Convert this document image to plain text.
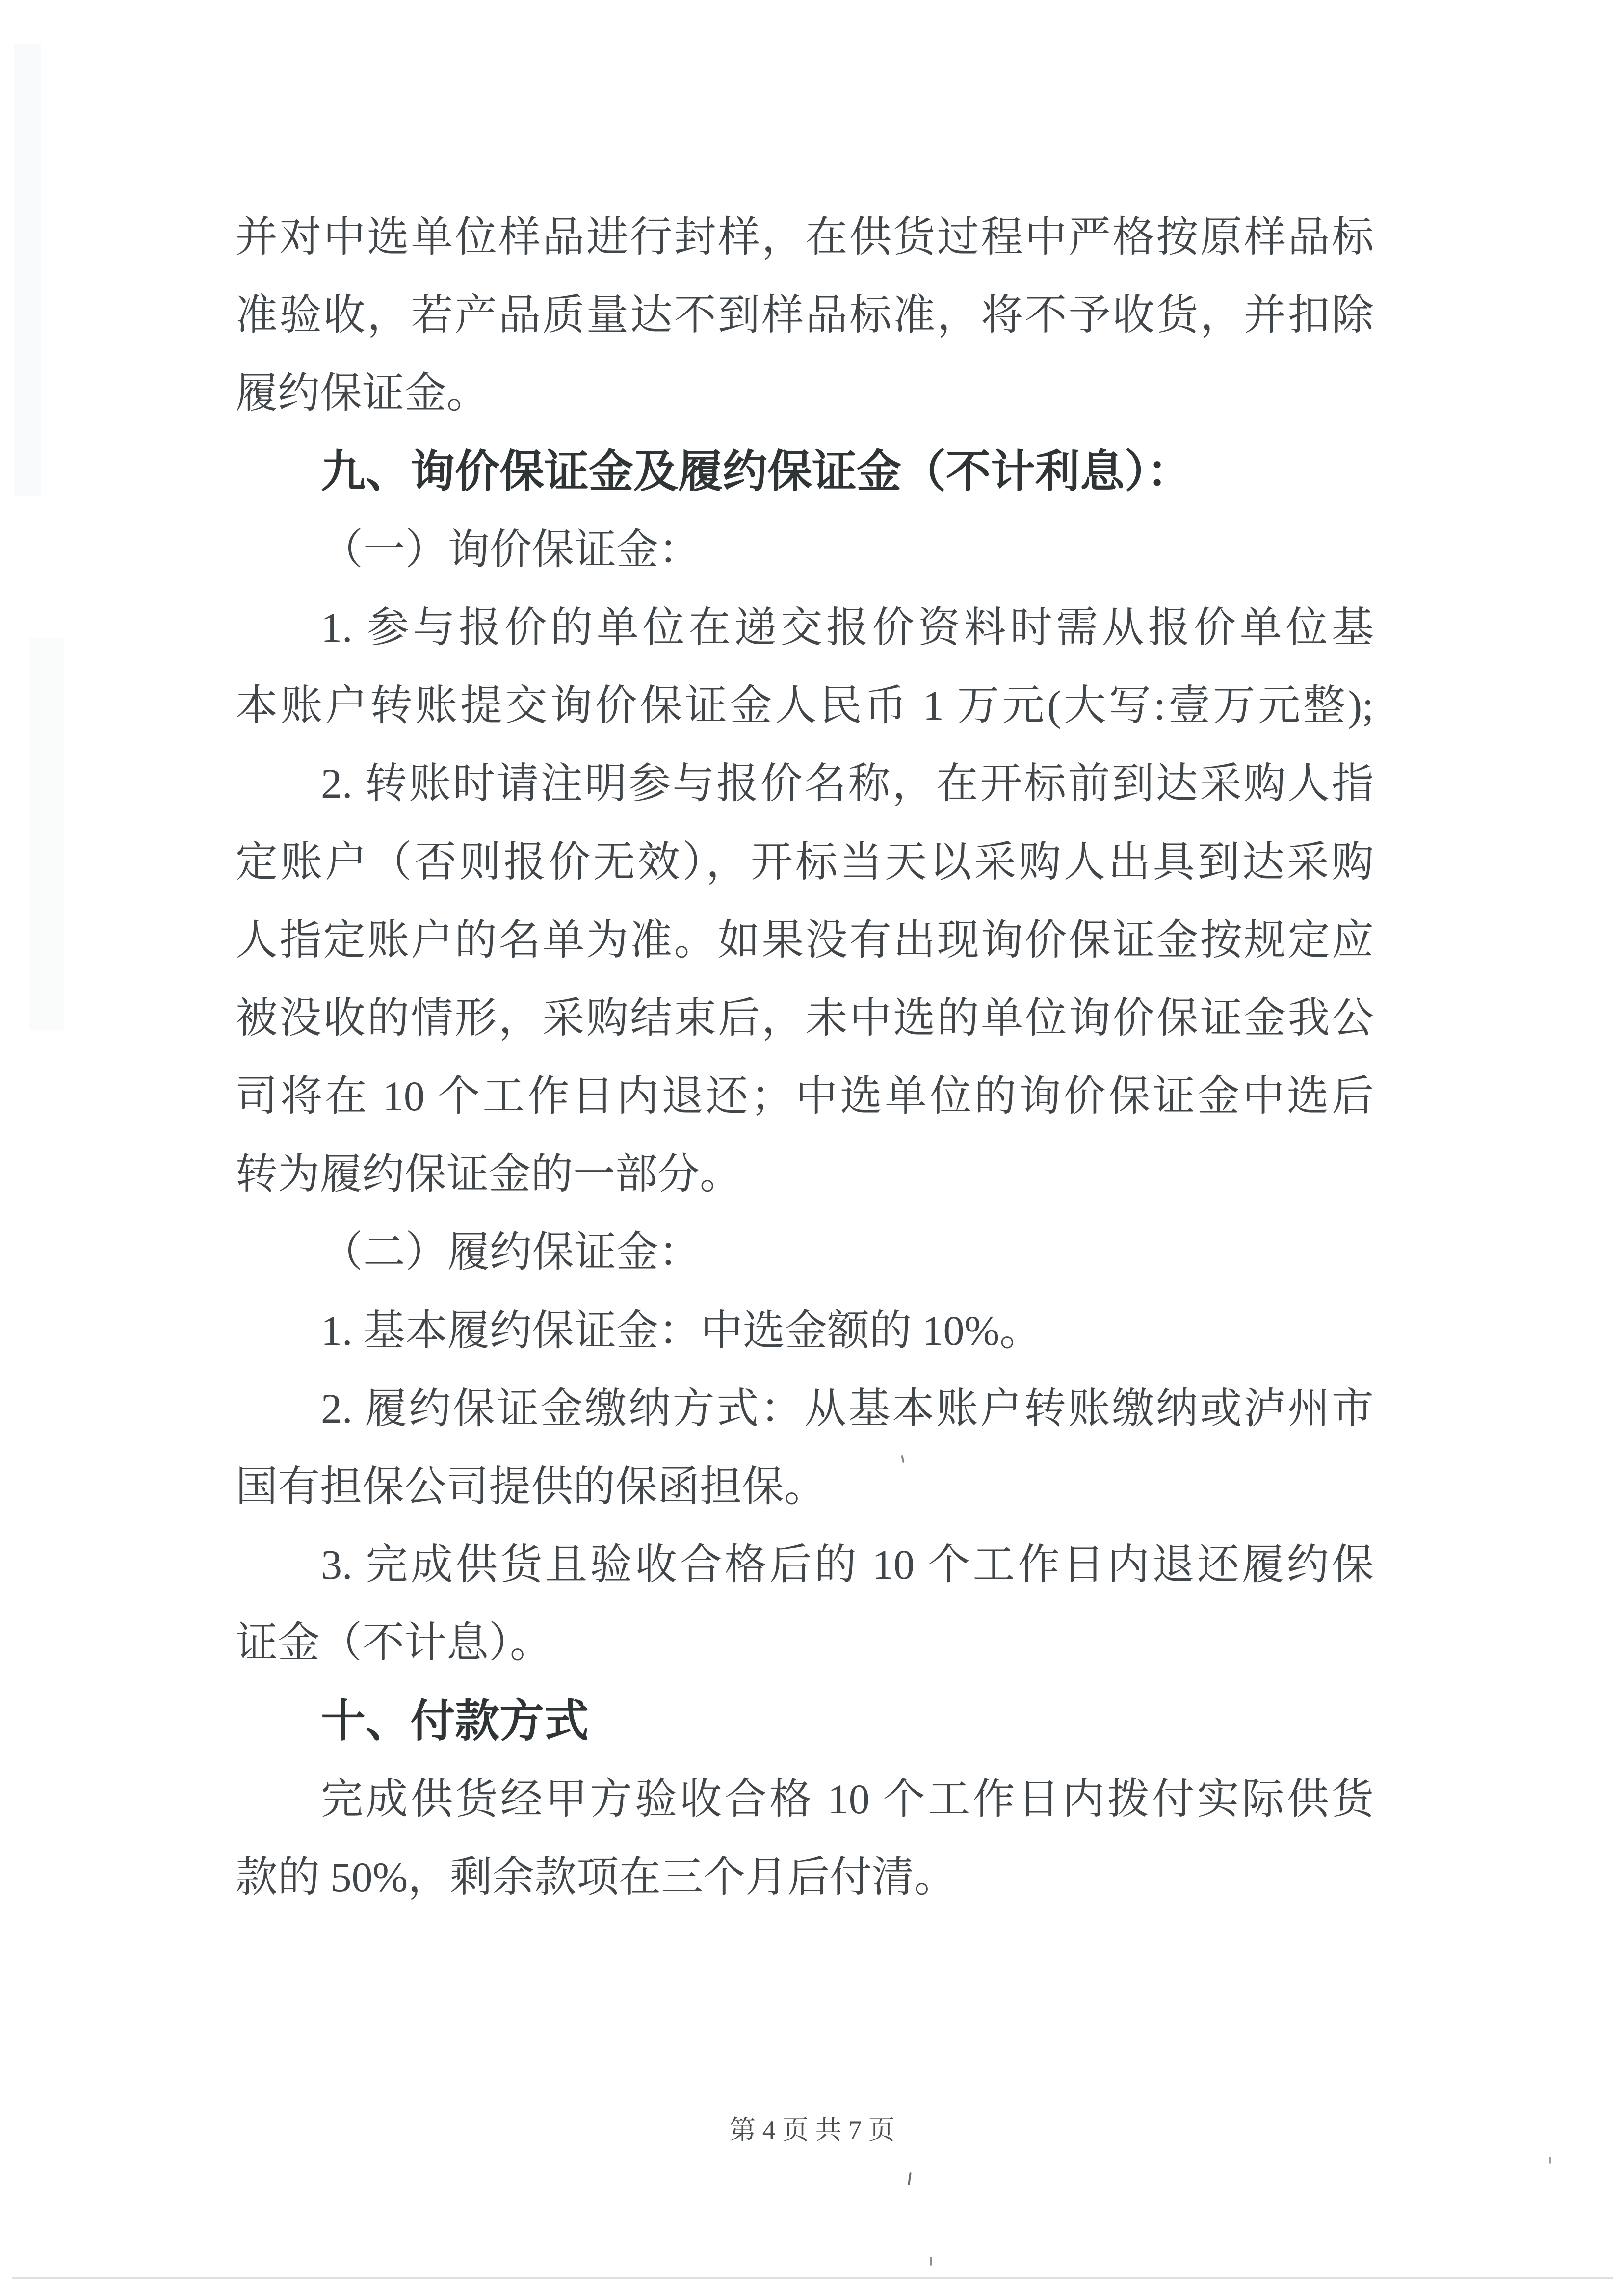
并对中选单位样品进行封样，在供货过程中严格按原样品标
准验收，若产品质量达不到样品标准，将不予收货，并扣除
履约保证金。
九、询价保证金及履约保证金（不计利息）：
（一）询价保证金：
1. 参与报价的单位在递交报价资料时需从报价单位基
本账户转账提交询价保证金人民币 1 万元(大写:壹万元整);
2. 转账时请注明参与报价名称，在开标前到达采购人指
定账户（否则报价无效），开标当天以采购人出具到达采购
人指定账户的名单为准。如果没有出现询价保证金按规定应
被没收的情形，采购结束后，未中选的单位询价保证金我公
司将在 10 个工作日内退还；中选单位的询价保证金中选后
转为履约保证金的一部分。
（二）履约保证金：
1. 基本履约保证金：中选金额的 10%。
2. 履约保证金缴纳方式：从基本账户转账缴纳或泸州市
国有担保公司提供的保函担保。
3. 完成供货且验收合格后的 10 个工作日内退还履约保
证金（不计息）。
十、付款方式
完成供货经甲方验收合格 10 个工作日内拨付实际供货
款的 50%，剩余款项在三个月后付清。
第 4 页 共 7 页
